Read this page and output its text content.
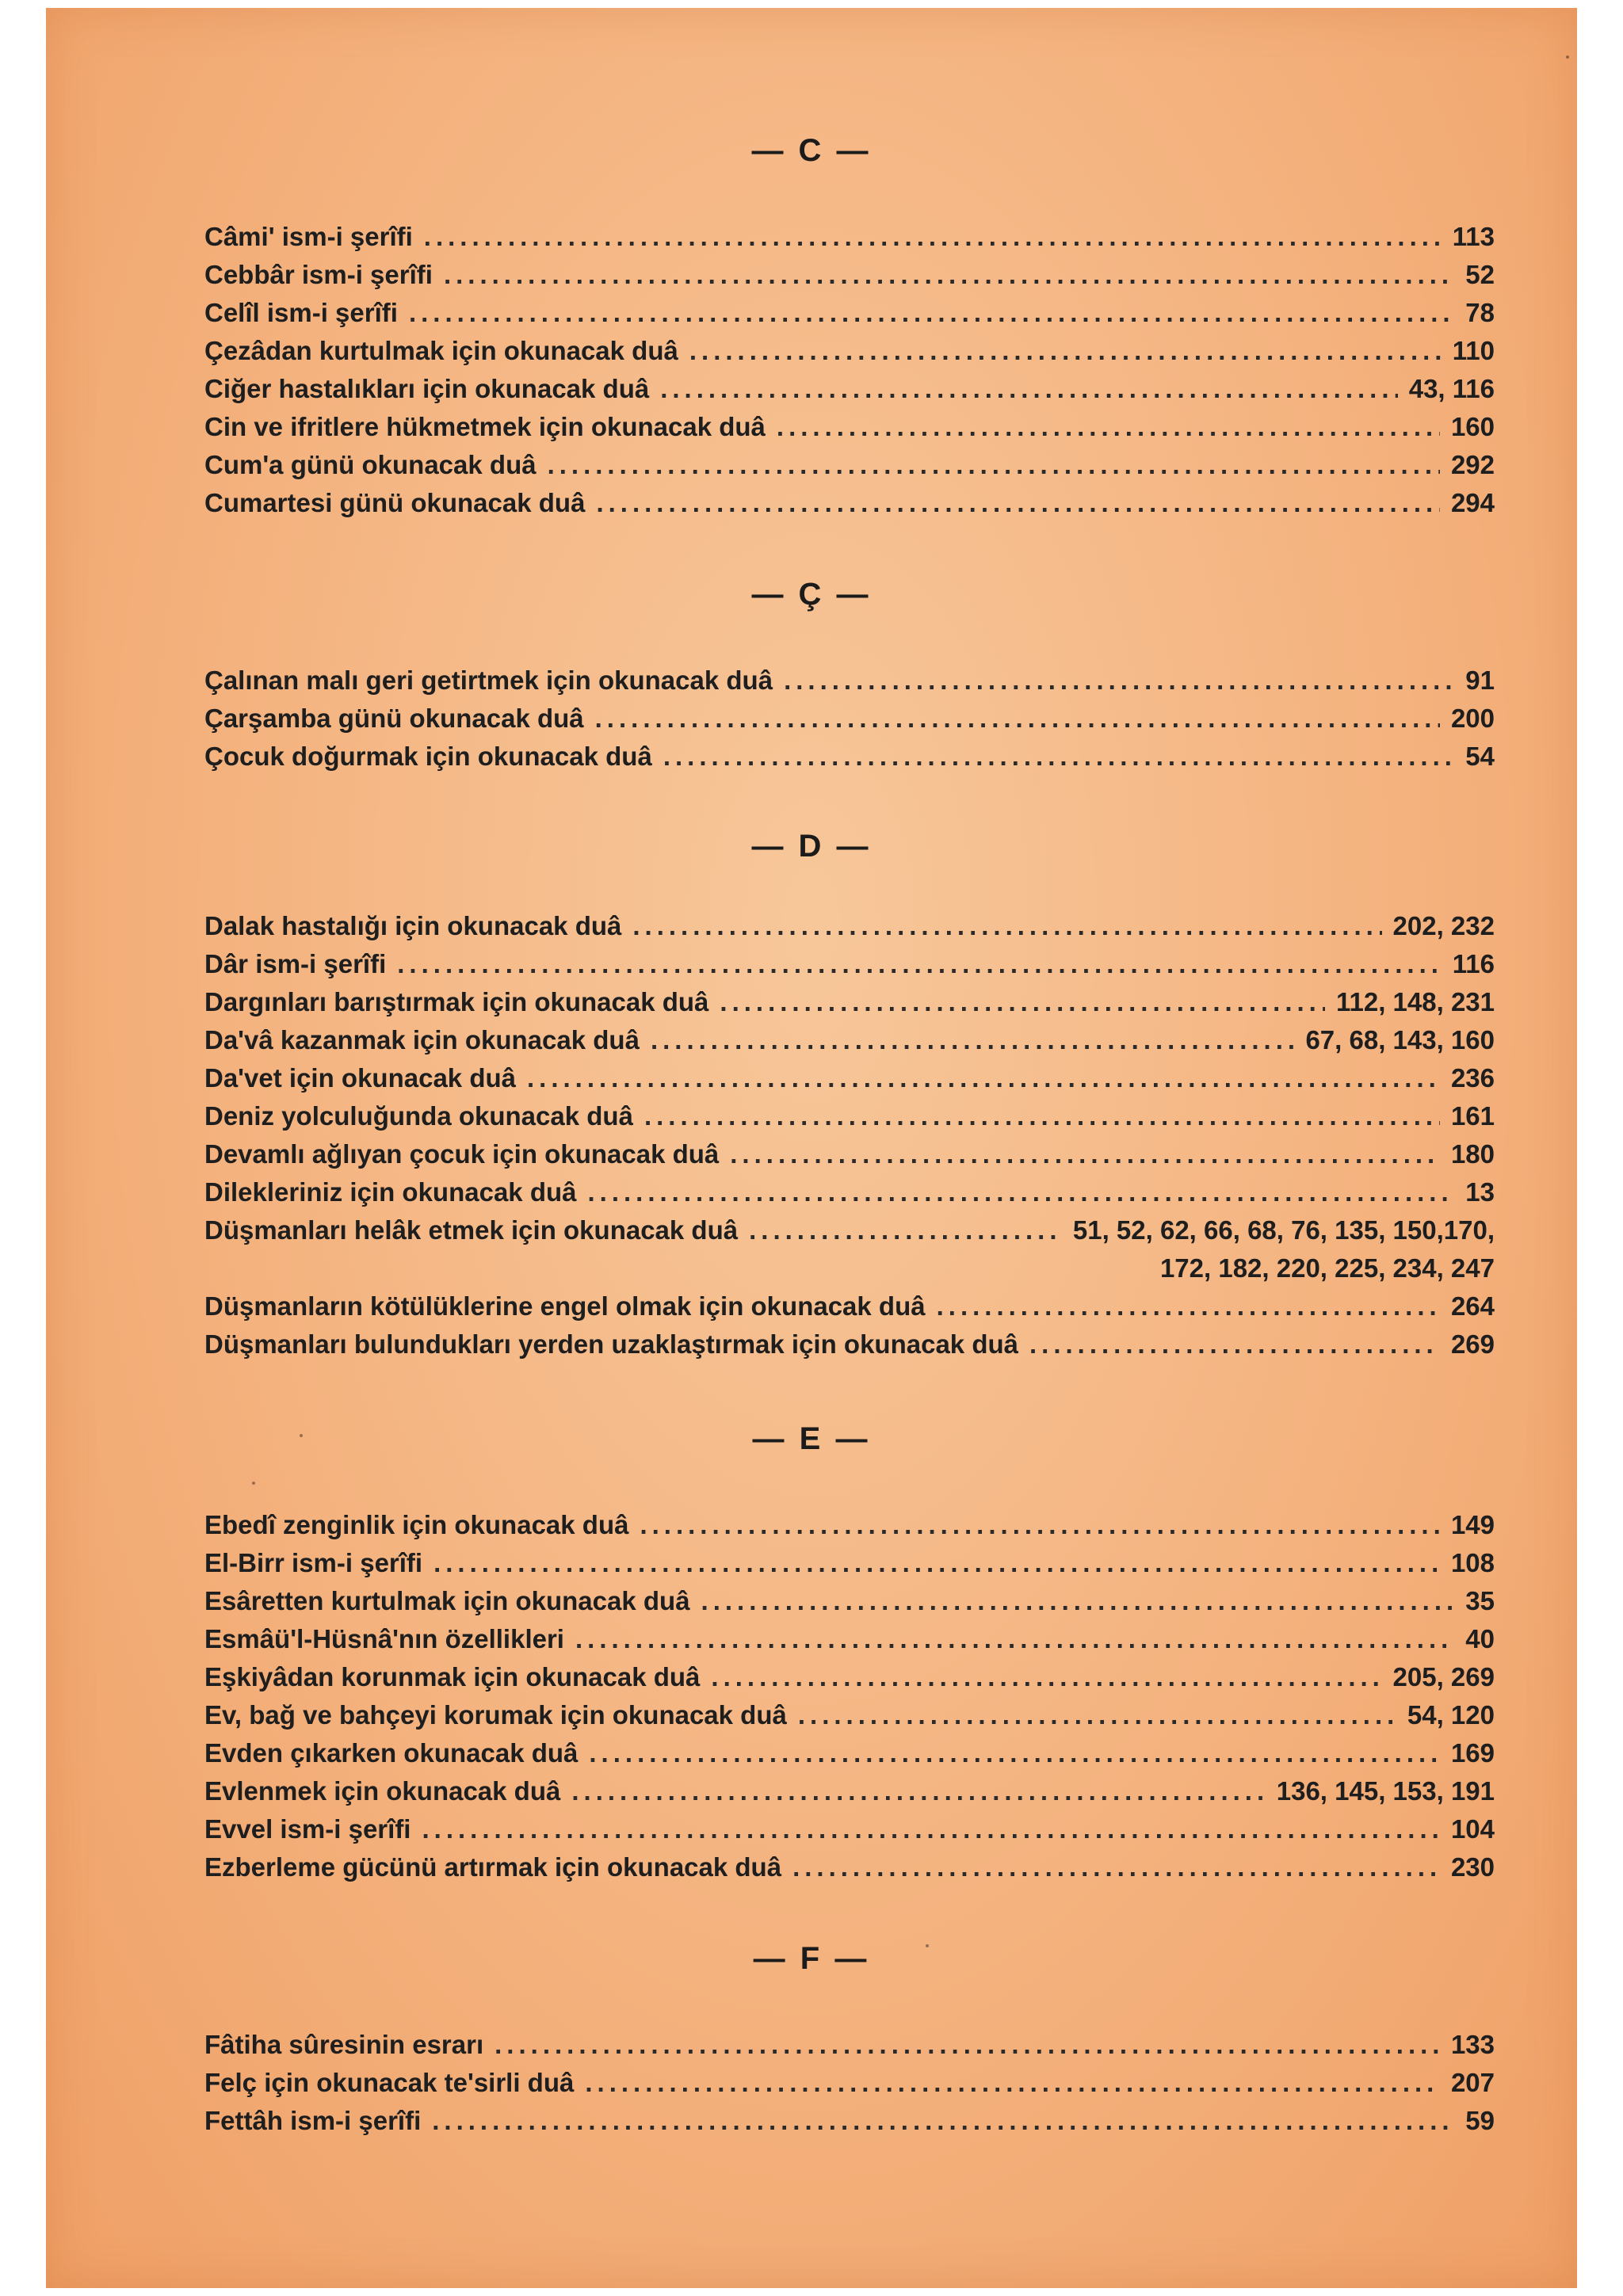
— C —
Câmi' ism-i şerîfi .....	113
Cebbâr ism-i şerîfi .....	52
Celîl ism-i şerîfi .....	78
Çezâdan kurtulmak için okunacak duâ .....	110
Ciğer hastalıkları için okunacak duâ .....	43, 116
Cin ve ifritlere hükmetmek için okunacak duâ .....	160
Cum'a günü okunacak duâ .....	292
Cumartesi günü okunacak duâ .....	294
— Ç —
Çalınan malı geri getirtmek için okunacak duâ .....	91
Çarşamba günü okunacak duâ .....	200
Çocuk doğurmak için okunacak duâ .....	54
— D —
Dalak hastalığı için okunacak duâ .....	202, 232
Dâr ism-i şerîfi .....	116
Dargınları barıştırmak için okunacak duâ .....	112, 148, 231
Da'vâ kazanmak için okunacak duâ .....	67, 68, 143, 160
Da'vet için okunacak duâ .....	236
Deniz yolculuğunda okunacak duâ .....	161
Devamlı ağlıyan çocuk için okunacak duâ .....	180
Dilekleriniz için okunacak duâ .....	13
Düşmanları helâk etmek için okunacak duâ .....	51, 52, 62, 66, 68, 76, 135, 150,170,
172, 182, 220, 225, 234, 247
Düşmanların kötülüklerine engel olmak için okunacak duâ .....	264
Düşmanları bulundukları yerden uzaklaştırmak için okunacak duâ .....	269
— E —
Ebedî zenginlik için okunacak duâ .....	149
El-Birr ism-i şerîfi .....	108
Esâretten kurtulmak için okunacak duâ .....	35
Esmâü'l-Hüsnâ'nın özellikleri .....	40
Eşkiyâdan korunmak için okunacak duâ .....	205, 269
Ev, bağ ve bahçeyi korumak için okunacak duâ .....	54, 120
Evden çıkarken okunacak duâ .....	169
Evlenmek için okunacak duâ .....	136, 145, 153, 191
Evvel ism-i şerîfi .....	104
Ezberleme gücünü artırmak için okunacak duâ .....	230
— F —
Fâtiha sûresinin esrarı .....	133
Felç için okunacak te'sirli duâ .....	207
Fettâh ism-i şerîfi .....	59
